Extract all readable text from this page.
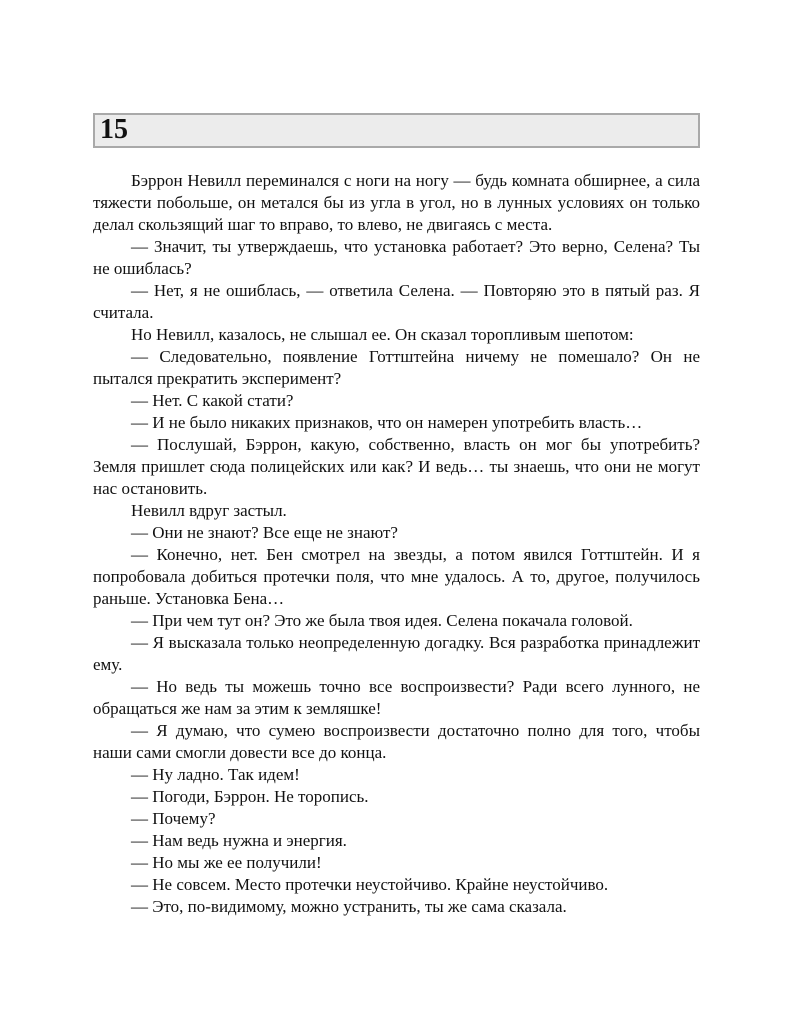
15

Бэррон Невилл переминался с ноги на ногу — будь комната обширнее, а сила тяжести побольше, он метался бы из угла в угол, но в лунных условиях он только делал скользящий шаг то вправо, то влево, не двигаясь с места.

— Значит, ты утверждаешь, что установка работает? Это верно, Селена? Ты не ошиблась?

— Нет, я не ошиблась, — ответила Селена. — Повторяю это в пятый раз. Я считала.

Но Невилл, казалось, не слышал ее. Он сказал торопливым шепотом:

— Следовательно, появление Готтштейна ничему не помешало? Он не пытался прекратить эксперимент?

— Нет. С какой стати?

— И не было никаких признаков, что он намерен употребить власть…

— Послушай, Бэррон, какую, собственно, власть он мог бы употребить? Земля пришлет сюда полицейских или как? И ведь… ты знаешь, что они не могут нас остановить.

Невилл вдруг застыл.

— Они не знают? Все еще не знают?

— Конечно, нет. Бен смотрел на звезды, а потом явился Готтштейн. И я попробовала добиться протечки поля, что мне удалось. А то, другое, получилось раньше. Установка Бена…

— При чем тут он? Это же была твоя идея. Селена покачала головой.

— Я высказала только неопределенную догадку. Вся разработка принадлежит ему.

— Но ведь ты можешь точно все воспроизвести? Ради всего лунного, не обращаться же нам за этим к земляшке!

— Я думаю, что сумею воспроизвести достаточно полно для того, чтобы наши сами смогли довести все до конца.

— Ну ладно. Так идем!

— Погоди, Бэррон. Не торопись.

— Почему?

— Нам ведь нужна и энергия.

— Но мы же ее получили!

— Не совсем. Место протечки неустойчиво. Крайне неустойчиво.

— Это, по-видимому, можно устранить, ты же сама сказала.
